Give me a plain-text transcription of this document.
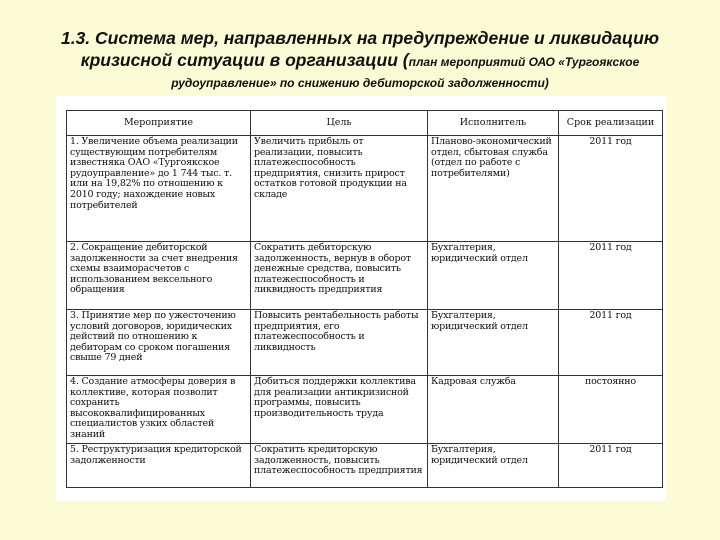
1.3. Система мер, направленных на предупреждение и ликвидацию
кризисной ситуации в организации (план мероприятий ОАО «Тургоякское

рудоуправление» по снижению дебиторской задолженности)
Мероприятие	Цель	Исполнитель	Срок реализации

1. Увеличение объема реализации существующим потребителям известняка ОАО «Тургоякское рудоуправление» до 1 744 тыс. т. или на 19,82% по отношению к 2010 году; нахождение новых потребителей	Увеличить прибыль от реализации, повысить платежеспособность предприятия, снизить прирост остатков готовой продукции на складе	Планово-экономический отдел, сбытовая служба (отдел по работе с потребителями)	2011 год

2. Сокращение дебиторской задолженности за счет внедрения схемы взаиморасчетов с использованием вексельного обращения	Сократить дебиторскую задолженность, вернув в оборот денежные средства, повысить платежеспособность и ликвидность предприятия	Бухгалтерия, юридический отдел	2011 год

3. Принятие мер по ужесточению условий договоров, юридических действий по отношению к дебиторам со сроком погашения свыше 79 дней	Повысить рентабельность работы предприятия, его платежеспособность и ликвидность	Бухгалтерия, юридический отдел	2011 год

4. Создание атмосферы доверия в коллективе, которая позволит сохранить высококвалифицированных специалистов узких областей знаний	Добиться поддержки коллектива для реализации антикризисной программы, повысить производительность труда	Кадровая служба	постоянно

5. Реструктуризация кредиторской задолженности	Сократить кредиторскую задолженность, повысить платежеспособность предприятия	Бухгалтерия, юридический отдел	2011 год
